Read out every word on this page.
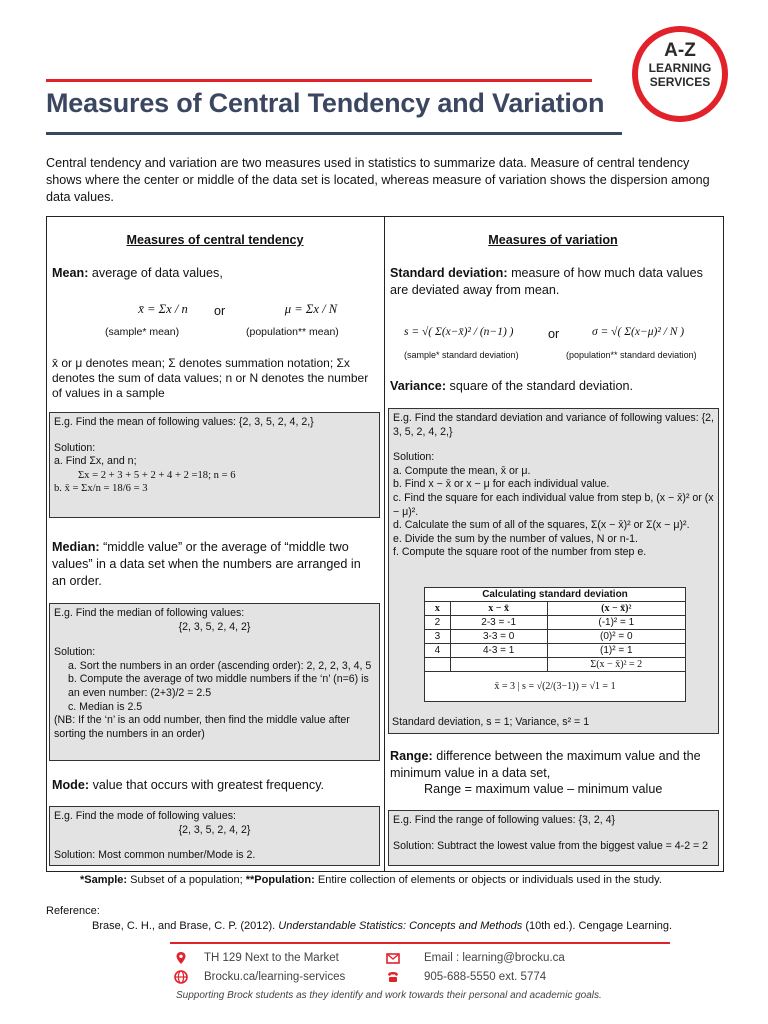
Measures of Central Tendency and Variation
A-Z
LEARNING
SERVICES
Central tendency and variation are two measures used in statistics to summarize data. Measure of central tendency shows where the center or middle of the data set is located, whereas measure of variation shows the dispersion among data values.
Measures of central tendency
Mean: average of data values,
x̄ = Σx / n	or	μ = Σx / N
(sample* mean)	(population** mean)
x̄ or μ denotes mean; Σ denotes summation notation; Σx denotes the sum of data values; n or N denotes the number of values in a sample
E.g. Find the mean of following values: {2, 3, 5, 2, 4, 2,}
Solution:
a. Find Σx, and n;
Σx = 2 + 3 + 5 + 2 + 4 + 2 =18; n = 6
b. x̄ = Σx/n = 18/6 = 3
Median: “middle value” or the average of “middle two values” in a data set when the numbers are arranged in an order.
E.g. Find the median of following values:
{2, 3, 5, 2, 4, 2}
Solution:
a. Sort the numbers in an order (ascending order): 2, 2, 2, 3, 4, 5
b. Compute the average of two middle numbers if the ‘n’ (n=6) is an even number: (2+3)/2 = 2.5
c. Median is 2.5
(NB: If the ‘n’ is an odd number, then find the middle value after sorting the numbers in an order)
Mode: value that occurs with greatest frequency.
E.g. Find the mode of following values:
{2, 3, 5, 2, 4, 2}
Solution: Most common number/Mode is 2.
Measures of variation
Standard deviation: measure of how much data values are deviated away from mean.
s = √( Σ(x−x̄)² / (n−1) )	or	σ = √( Σ(x−μ)² / N )
(sample* standard deviation)	(population** standard deviation)
Variance: square of the standard deviation.
E.g. Find the standard deviation and variance of following values: {2, 3, 5, 2, 4, 2,}
Solution:
a. Compute the mean, x̄ or μ.
b. Find x − x̄ or x − μ for each individual value.
c. Find the square for each individual value from step b, (x − x̄)² or (x − μ)².
d. Calculate the sum of all of the squares, Σ(x − x̄)² or Σ(x − μ)².
e. Divide the sum by the number of values, N or n-1.
f. Compute the square root of the number from step e.
Calculating standard deviation		
x	x − x̄	(x − x̄)²
2	2-3 = -1	(-1)² = 1
3	3-3 = 0	(0)² = 0
4	4-3 = 1	(1)² = 1
		Σ(x − x̄)² = 2
x̄ = 3 | s = √(2/(3−1)) = √1 = 1		
Standard deviation, s = 1; Variance, s² = 1
Range: difference between the maximum value and the minimum value in a data set,
Range = maximum value – minimum value
E.g. Find the range of following values: {3, 2, 4}
Solution: Subtract the lowest value from the biggest value = 4-2 = 2
*Sample: Subset of a population; **Population: Entire collection of elements or objects or individuals used in the study.
Reference:
Brase, C. H., and Brase, C. P. (2012). Understandable Statistics: Concepts and Methods (10th ed.). Cengage Learning.
TH 129 Next to the Market
Brocku.ca/learning-services
Email : learning@brocku.ca
905-688-5550 ext. 5774
Supporting Brock students as they identify and work towards their personal and academic goals.
